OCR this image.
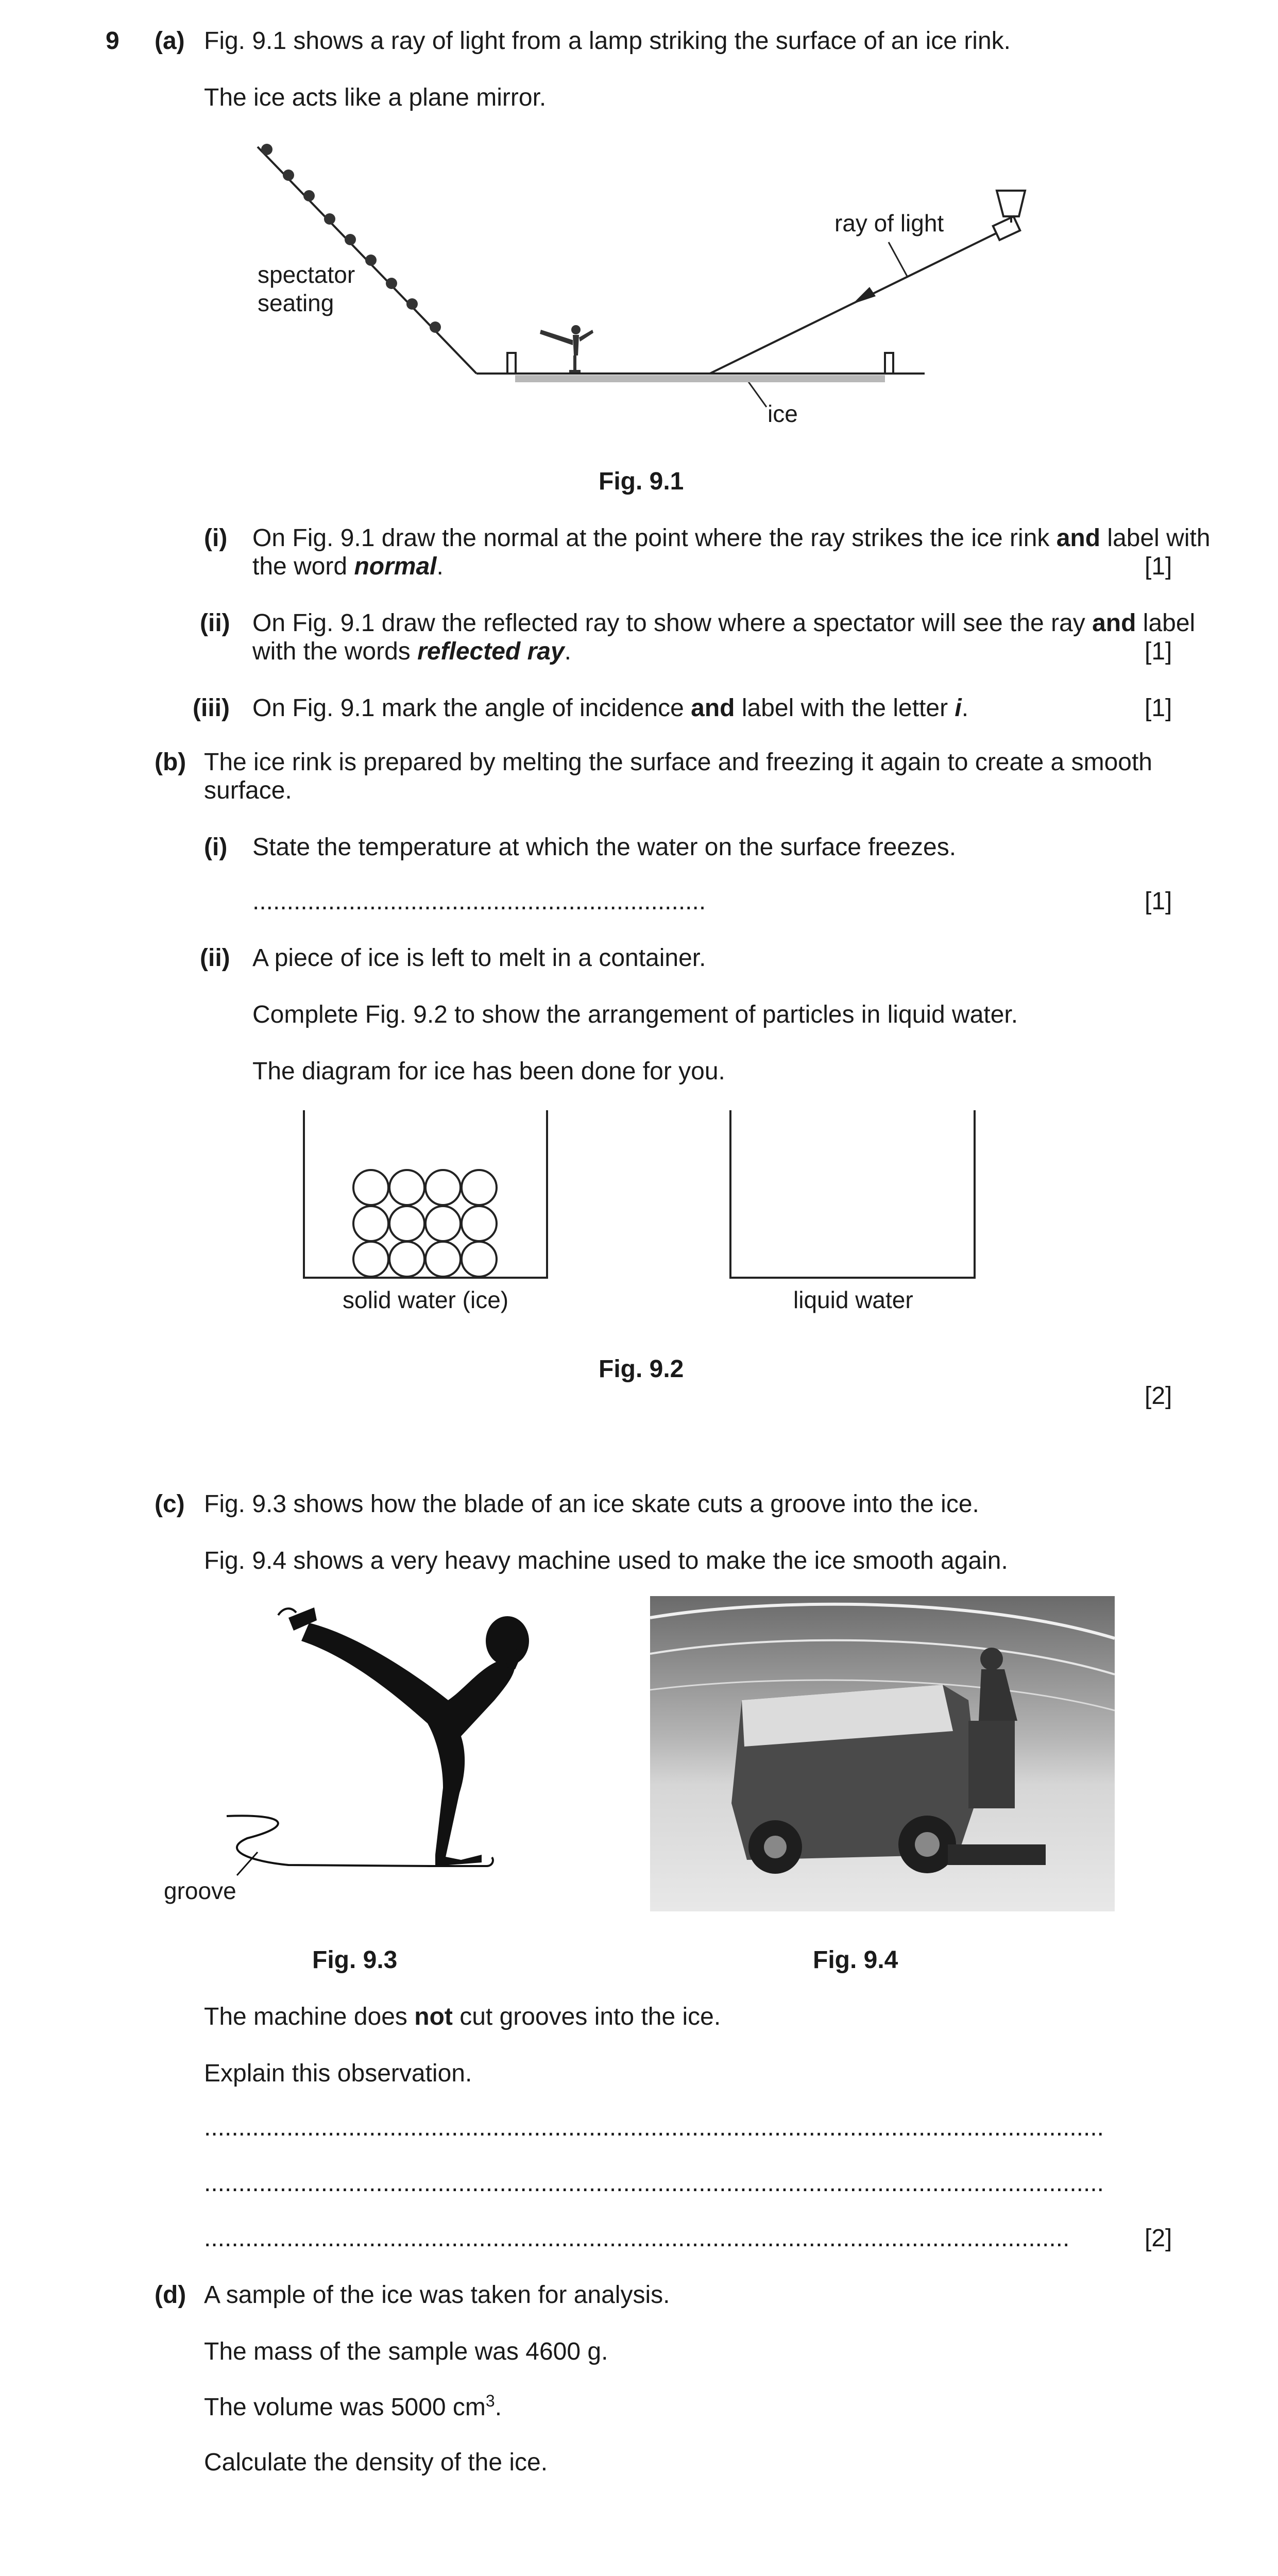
9 (a) Fig. 9.1 shows a ray of light from a lamp striking the surface of an ice rink.
The ice acts like a plane mirror.
ray of light
spectator
seating
ice
Fig. 9.1
(i) On Fig. 9.1 draw the normal at the point where the ray strikes the ice rink and label with
the word normal.	[1]
(ii) On Fig. 9.1 draw the reflected ray to show where a spectator will see the ray and label
with the words reflected ray.	[1]
(iii) On Fig. 9.1 mark the angle of incidence and label with the letter i.	[1]
(b) The ice rink is prepared by melting the surface and freezing it again to create a smooth
surface.
(i) State the temperature at which the water on the surface freezes.
..................................................................	[1]
(ii) A piece of ice is left to melt in a container.
Complete Fig. 9.2 to show the arrangement of particles in liquid water.
The diagram for ice has been done for you.
solid water (ice)	liquid water
Fig. 9.2
[2]
(c) Fig. 9.3 shows how the blade of an ice skate cuts a groove into the ice.
Fig. 9.4 shows a very heavy machine used to make the ice smooth again.
groove
Fig. 9.3	Fig. 9.4
The machine does not cut grooves into the ice.
Explain this observation.
...................................................................................................................................
...................................................................................................................................
..............................................................................................................................	[2]
(d) A sample of the ice was taken for analysis.
The mass of the sample was 4600 g.
The volume was 5000 $cm^3$.
Calculate the density of the ice.
